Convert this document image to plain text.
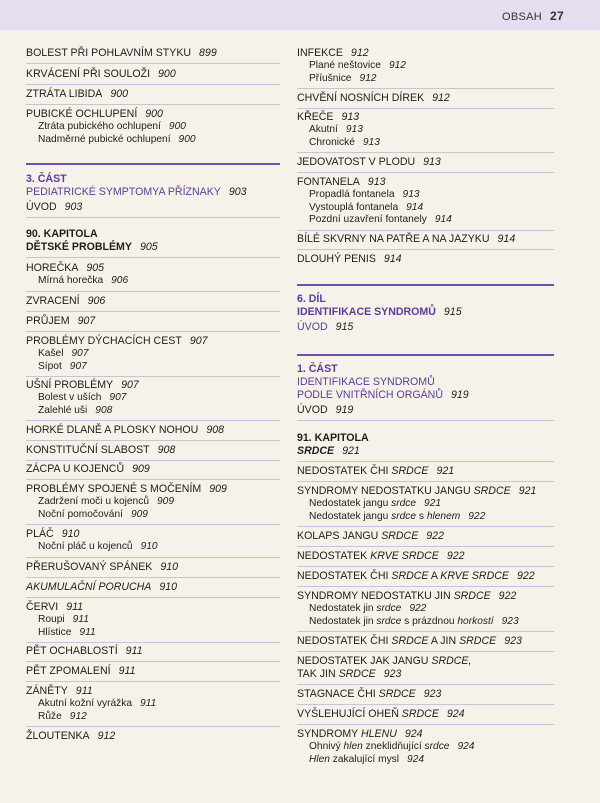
OBSAH 27
BOLEST PŘI POHLAVNÍM STYKU 899
KRVÁCENÍ PŘI SOULOŽI 900
ZTRÁTA LIBIDA 900
PUBICKÉ OCHLUPENÍ 900
Ztráta pubického ochlupení 900
Nadměrné pubické ochlupení 900
3. ČÁST
PEDIATRICKÉ SYMPTOMYA PŘÍZNAKY 903
ÚVOD 903
90. KAPITOLA
DĚTSKÉ PROBLÉMY 905
HOREČKA 905
Mírná horečka 906
ZVRACENÍ 906
PRŮJEM 907
PROBLÉMY DÝCHACÍCH CEST 907
Kašel 907
Sípot 907
UŠNÍ PROBLÉMY 907
Bolest v uších 907
Zalehlé uši 908
HORKÉ DLANĚ A PLOSKY NOHOU 908
KONSTITUČNÍ SLABOST 908
ZÁCPA U KOJENCŮ 909
PROBLÉMY SPOJENÉ S MOČENÍM 909
Zadržení moči u kojenců 909
Noční pomočování 909
PLÁČ 910
Noční pláč u kojenců 910
PŘERUŠOVANÝ SPÁNEK 910
AKUMULAČNÍ PORUCHA 910
ČERVI 911
Roupi 911
Hlístice 911
PĚT OCHABLOSTÍ 911
PĚT ZPOMALENÍ 911
ZÁNĚTY 911
Akutní kožní vyrážka 911
Růže 912
ŽLOUTENKA 912
INFEKCE 912
Plané neštovice 912
Příušnice 912
CHVĚNÍ NOSNÍCH DÍREK 912
KŘEČE 913
Akutní 913
Chronické 913
JEDOVATOST V PLODU 913
FONTANELA 913
Propadlá fontanela 913
Vystouplá fontanela 914
Pozdní uzavření fontanely 914
BÍLÉ SKVRNY NA PATŘE A NA JAZYKU 914
DLOUHÝ PENIS 914
6. DÍL
IDENTIFIKACE SYNDROMŮ 915
ÚVOD 915
1. ČÁST
IDENTIFIKACE SYNDROMŮ
PODLE VNITŘNÍCH ORGÁNŮ 919
ÚVOD 919
91. KAPITOLA
SRDCE 921
NEDOSTATEK ČHI SRDCE 921
SYNDROMY NEDOSTATKU JANGU SRDCE 921
Nedostatek jangu srdce 921
Nedostatek jangu srdce s hlenem 922
KOLAPS JANGU SRDCE 922
NEDOSTATEK KRVE SRDCE 922
NEDOSTATEK ČHI SRDCE A KRVE SRDCE 922
SYNDROMY NEDOSTATKU JIN SRDCE 922
Nedostatek jin srdce 922
Nedostatek jin srdce s prázdnou horkostí 923
NEDOSTATEK ČHI SRDCE A JIN SRDCE 923
NEDOSTATEK JAK JANGU SRDCE,
TAK JIN SRDCE 923
STAGNACE ČHI SRDCE 923
VYŠLEHUJÍCÍ OHEŇ SRDCE 924
SYNDROMY HLENU 924
Ohnivý hlen zneklidňující srdce 924
Hlen zakalující mysl 924
